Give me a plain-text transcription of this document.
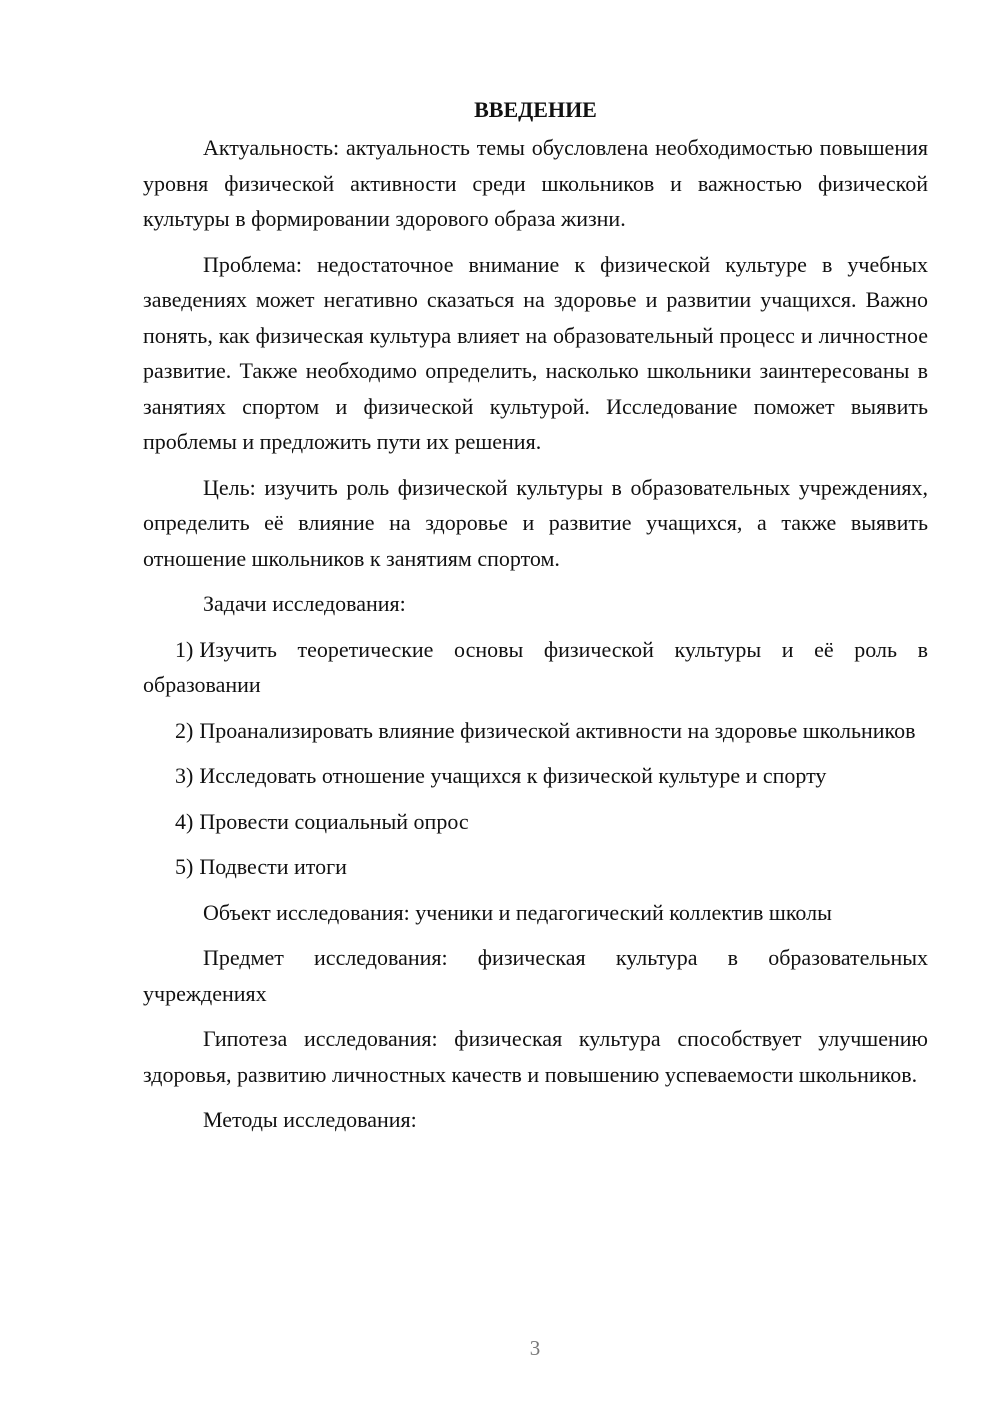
ВВЕДЕНИЕ

Актуальность: актуальность темы обусловлена необходимостью повышения уровня физической активности среди школьников и важностью физической культуры в формировании здорового образа жизни.

Проблема: недостаточное внимание к физической культуре в учебных заведениях может негативно сказаться на здоровье и развитии учащихся. Важно понять, как физическая культура влияет на образовательный процесс и личностное развитие. Также необходимо определить, насколько школьники заинтересованы в занятиях спортом и физической культурой. Исследование поможет выявить проблемы и предложить пути их решения.

Цель: изучить роль физической культуры в образовательных учреждениях, определить её влияние на здоровье и развитие учащихся, а также выявить отношение школьников к занятиям спортом.

Задачи исследования:

1) Изучить теоретические основы физической культуры и её роль в образовании
2) Проанализировать влияние физической активности на здоровье школьников
3) Исследовать отношение учащихся к физической культуре и спорту
4) Провести социальный опрос
5) Подвести итоги

Объект исследования: ученики и педагогический коллектив школы

Предмет исследования: физическая культура в образовательных учреждениях

Гипотеза исследования: физическая культура способствует улучшению здоровья, развитию личностных качеств и повышению успеваемости школьников.

Методы исследования:

3
